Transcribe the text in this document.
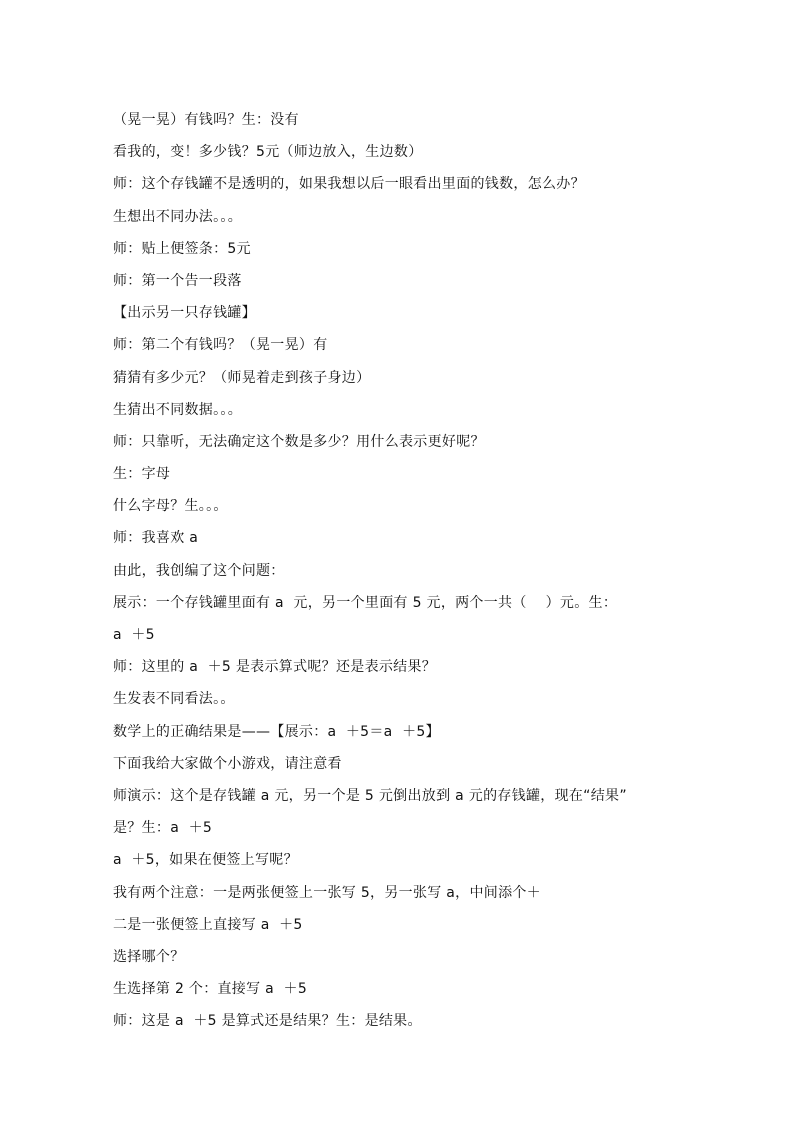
（晃一晃）有钱吗？生：没有
看我的，变！多少钱？5元（师边放入，生边数）
师：这个存钱罐不是透明的，如果我想以后一眼看出里面的钱数，怎么办？
生想出不同办法。。。
师：贴上便签条：5元
师：第一个告一段落
【出示另一只存钱罐】
师：第二个有钱吗？（晃一晃）有
猜猜有多少元？（师晃着走到孩子身边）
生猜出不同数据。。。
师：只靠听，无法确定这个数是多少？用什么表示更好呢？
生：字母
什么字母？生。。。
师：我喜欢 a
由此，我创编了这个问题：
展示：一个存钱罐里面有 a  元，另一个里面有 5 元，两个一共（    ）元。生：
a  ＋5
师：这里的 a  ＋5 是表示算式呢？还是表示结果？
生发表不同看法。。
数学上的正确结果是——【展示：a  ＋5＝a  ＋5】
下面我给大家做个小游戏，请注意看
师演示：这个是存钱罐 a 元，另一个是 5 元倒出放到 a 元的存钱罐，现在“结果”
是？生：a  ＋5
a  ＋5，如果在便签上写呢？
我有两个注意：一是两张便签上一张写 5，另一张写 a，中间添个＋
二是一张便签上直接写 a  ＋5
选择哪个？
生选择第 2 个：直接写 a  ＋5
师：这是 a  ＋5 是算式还是结果？生：是结果。
